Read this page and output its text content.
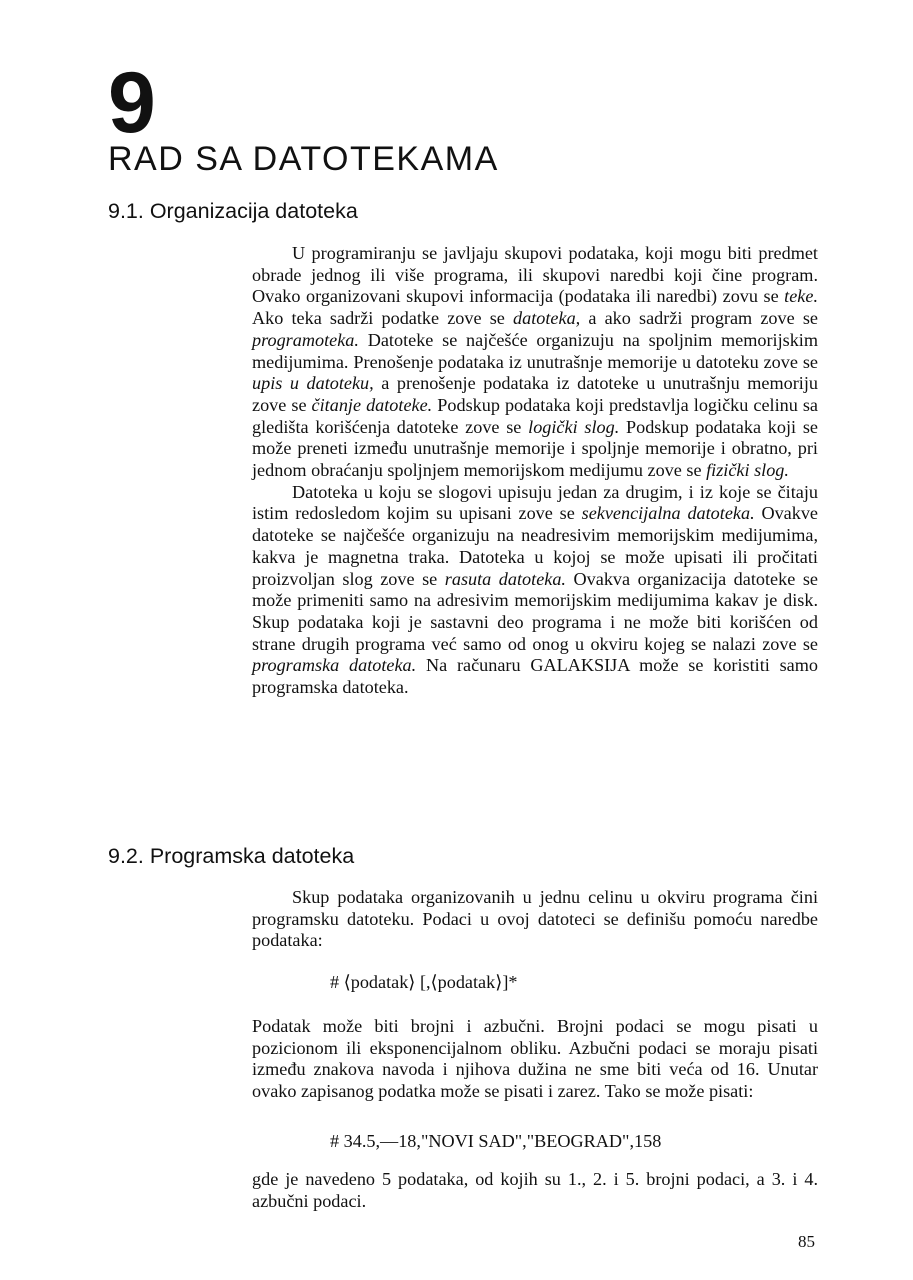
9
RAD SA DATOTEKAMA
9.1. Organizacija datoteka

U programiranju se javljaju skupovi podataka, koji mogu biti predmet obrade jednog ili više programa, ili skupovi naredbi koji čine program. Ovako organizovani skupovi informacija (podataka ili naredbi) zovu se teke. Ako teka sadrži podatke zove se datoteka, a ako sadrži program zove se programoteka. Datoteke se najčešće organizuju na spoljnim memorijskim medijumima. Prenošenje podataka iz unutrašnje memorije u datoteku zove se upis u datoteku, a prenošenje podataka iz datoteke u unutrašnju memoriju zove se čitanje datoteke. Podskup podataka koji predstavlja logičku celinu sa gledišta korišćenja datoteke zove se logički slog. Podskup podataka koji se može preneti između unutrašnje memorije i spoljnje memorije i obratno, pri jednom obraćanju spoljnjem memorijskom medijumu zove se fizički slog.

Datoteka u koju se slogovi upisuju jedan za drugim, i iz koje se čitaju istim redosledom kojim su upisani zove se sekvencijalna datoteka. Ovakve datoteke se najčešće organizuju na neadresivim memorijskim medijumima, kakva je magnetna traka. Datoteka u kojoj se može upisati ili pročitati proizvoljan slog zove se rasuta datoteka. Ovakva organizacija datoteke se može primeniti samo na adresivim memorijskim medijumima kakav je disk. Skup podataka koji je sastavni deo programa i ne može biti korišćen od strane drugih programa već samo od onog u okviru kojeg se nalazi zove se programska datoteka. Na računaru GALAKSIJA može se koristiti samo programska datoteka.

9.2. Programska datoteka

Skup podataka organizovanih u jednu celinu u okviru programa čini programsku datoteku. Podaci u ovoj datoteci se definišu pomoću naredbe podataka:

# ⟨podatak⟩ [,⟨podatak⟩]*

Podatak može biti brojni i azbučni. Brojni podaci se mogu pisati u pozicionom ili eksponencijalnom obliku. Azbučni podaci se moraju pisati između znakova navoda i njihova dužina ne sme biti veća od 16. Unutar ovako zapisanog podatka može se pisati i zarez. Tako se može pisati:

# 34.5,—18,"NOVI SAD","BEOGRAD",158

gde je navedeno 5 podataka, od kojih su 1., 2. i 5. brojni podaci, a 3. i 4. azbučni podaci.

85
